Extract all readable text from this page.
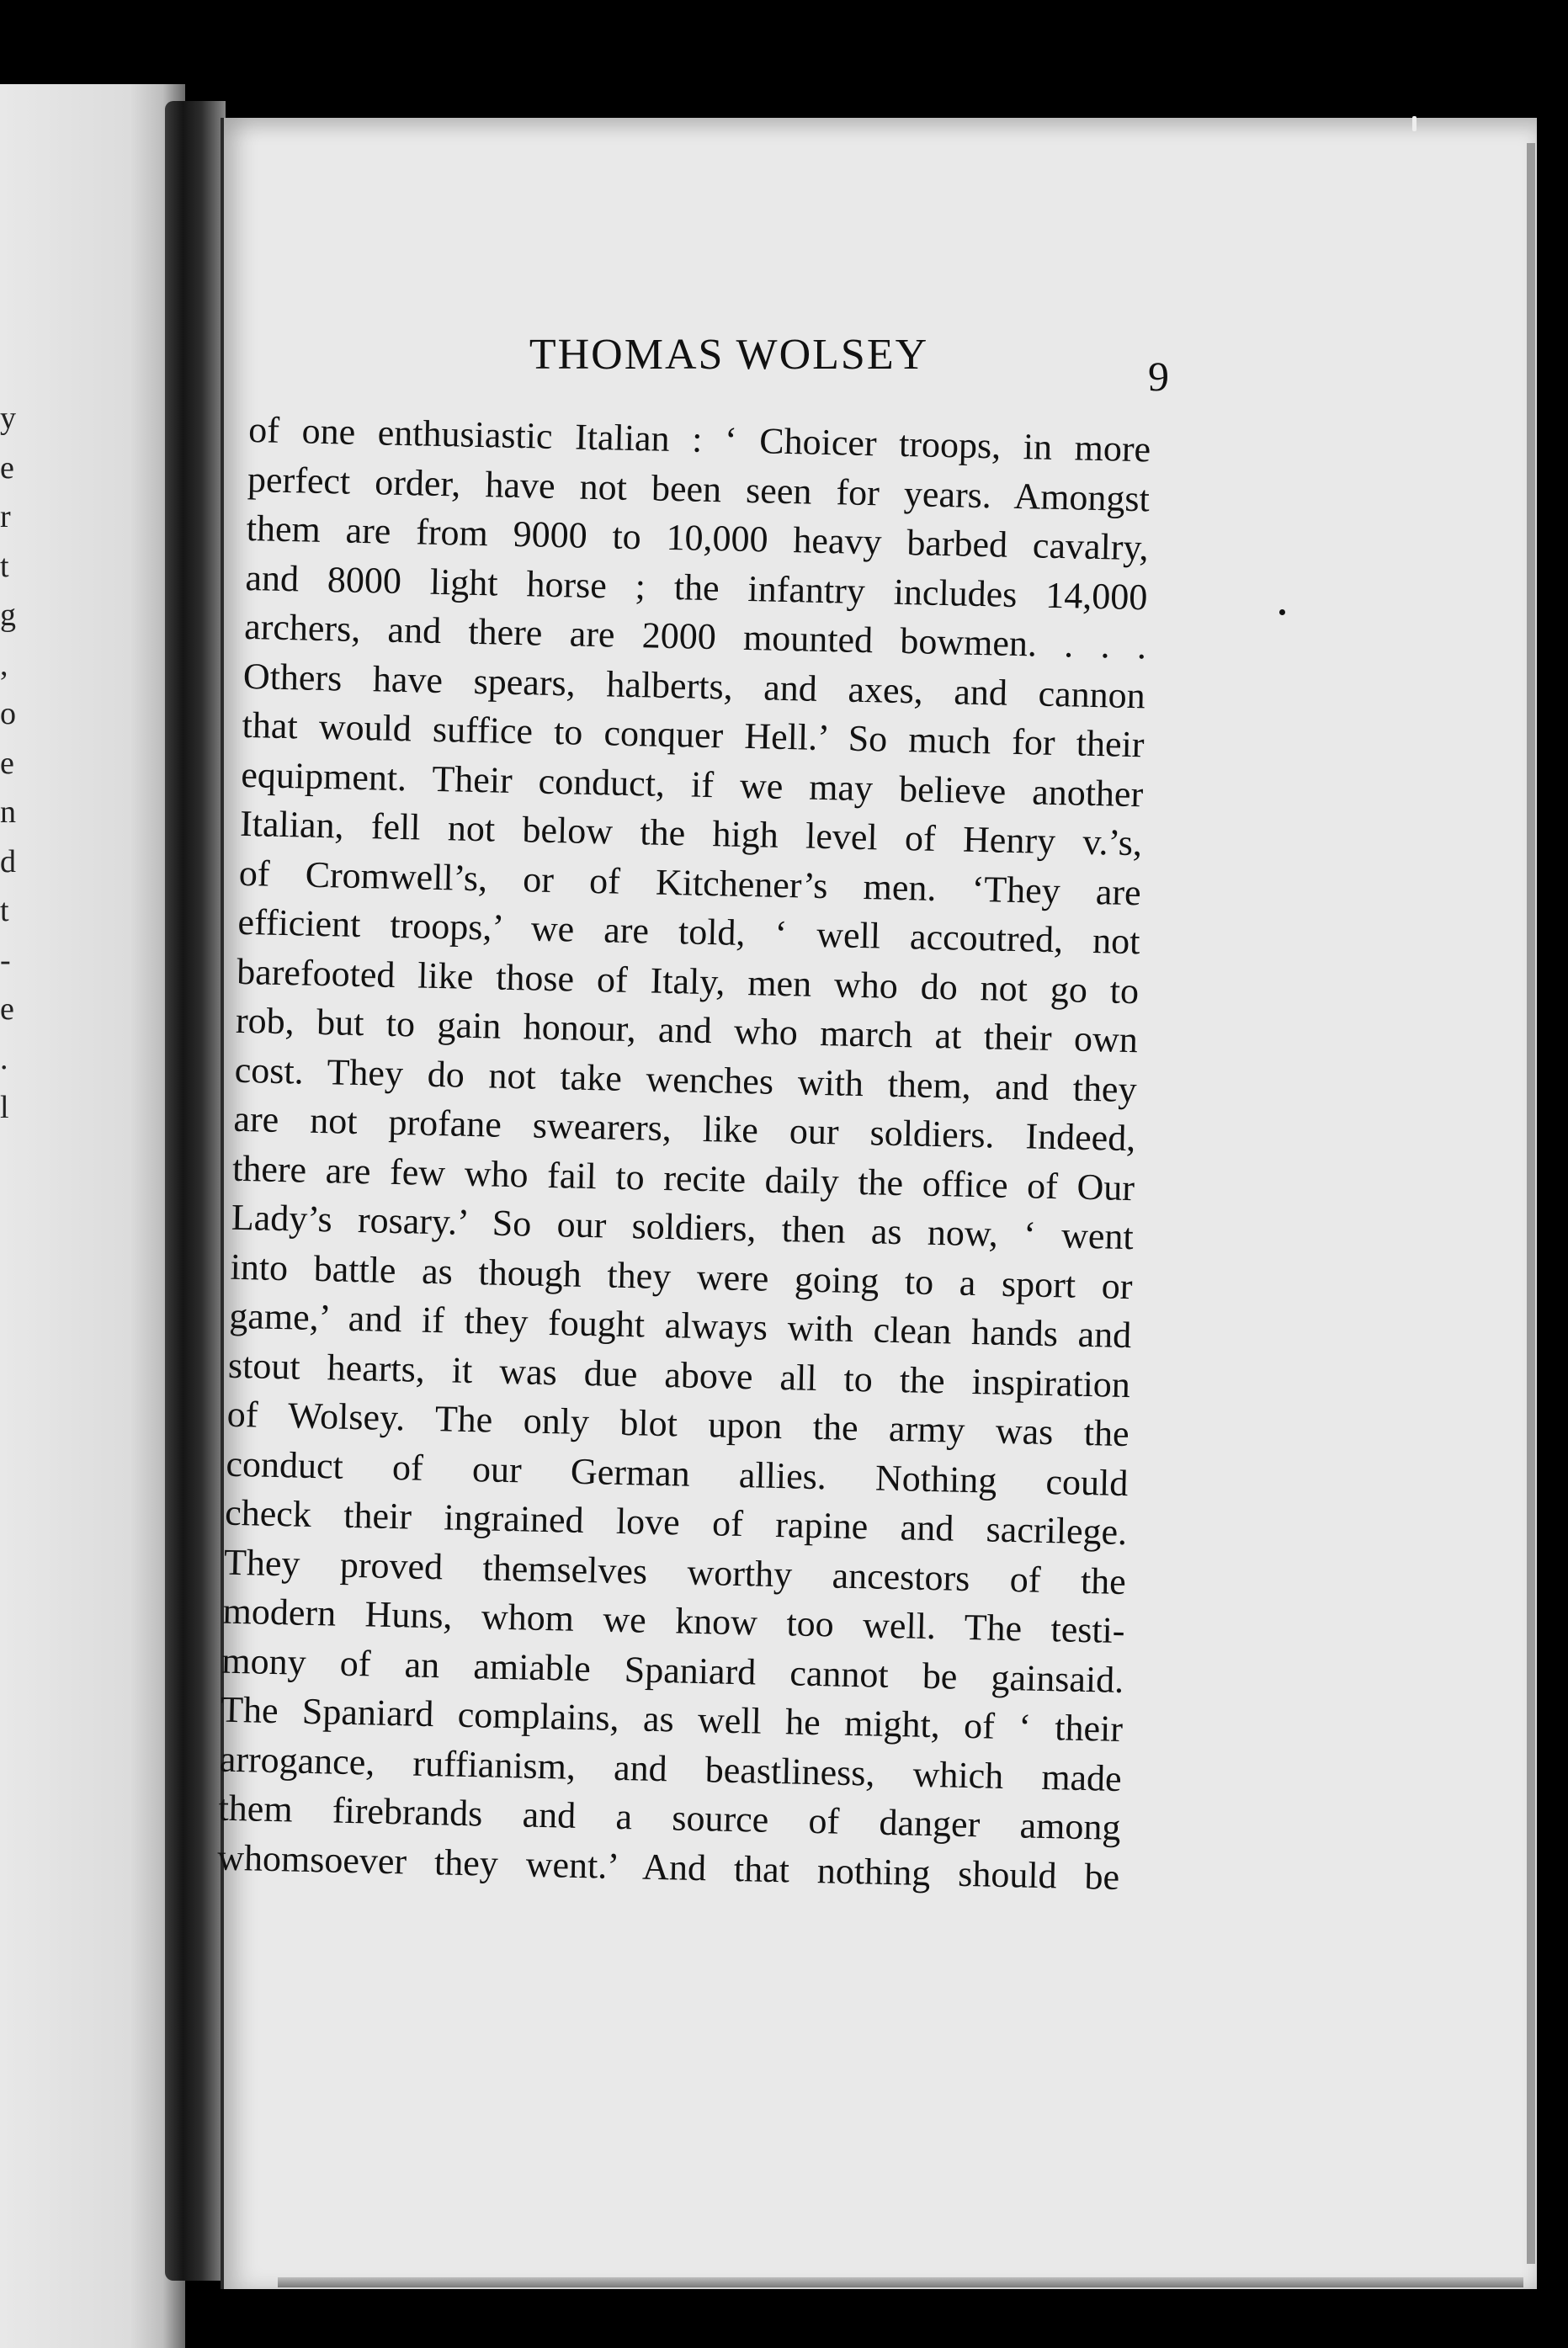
y
e
r
t
g
,
o
e
n
d
t
-
e
.
l
THOMAS WOLSEY	9
of one enthusiastic Italian : ‘ Choicer troops, in more
perfect order, have not been seen for years. Amongst
them are from 9000 to 10,000 heavy barbed cavalry,
and 8000 light horse ; the infantry includes 14,000
archers, and there are 2000 mounted bowmen. . . .
Others have spears, halberts, and axes, and cannon
that would suffice to conquer Hell.’ So much for their
equipment. Their conduct, if we may believe another
Italian, fell not below the high level of Henry v.’s,
of Cromwell’s, or of Kitchener’s men. ‘They are
efficient troops,’ we are told, ‘ well accoutred, not
barefooted like those of Italy, men who do not go to
rob, but to gain honour, and who march at their own
cost. They do not take wenches with them, and they
are not profane swearers, like our soldiers. Indeed,
there are few who fail to recite daily the office of Our
Lady’s rosary.’ So our soldiers, then as now, ‘ went
into battle as though they were going to a sport or
game,’ and if they fought always with clean hands and
stout hearts, it was due above all to the inspiration
of Wolsey. The only blot upon the army was the
conduct of our German allies. Nothing could
check their ingrained love of rapine and sacrilege.
They proved themselves worthy ancestors of the
modern Huns, whom we know too well. The testi-
mony of an amiable Spaniard cannot be gainsaid.
The Spaniard complains, as well he might, of ‘ their
arrogance, ruffianism, and beastliness, which made
them firebrands and a source of danger among
whomsoever they went.’ And that nothing should be
